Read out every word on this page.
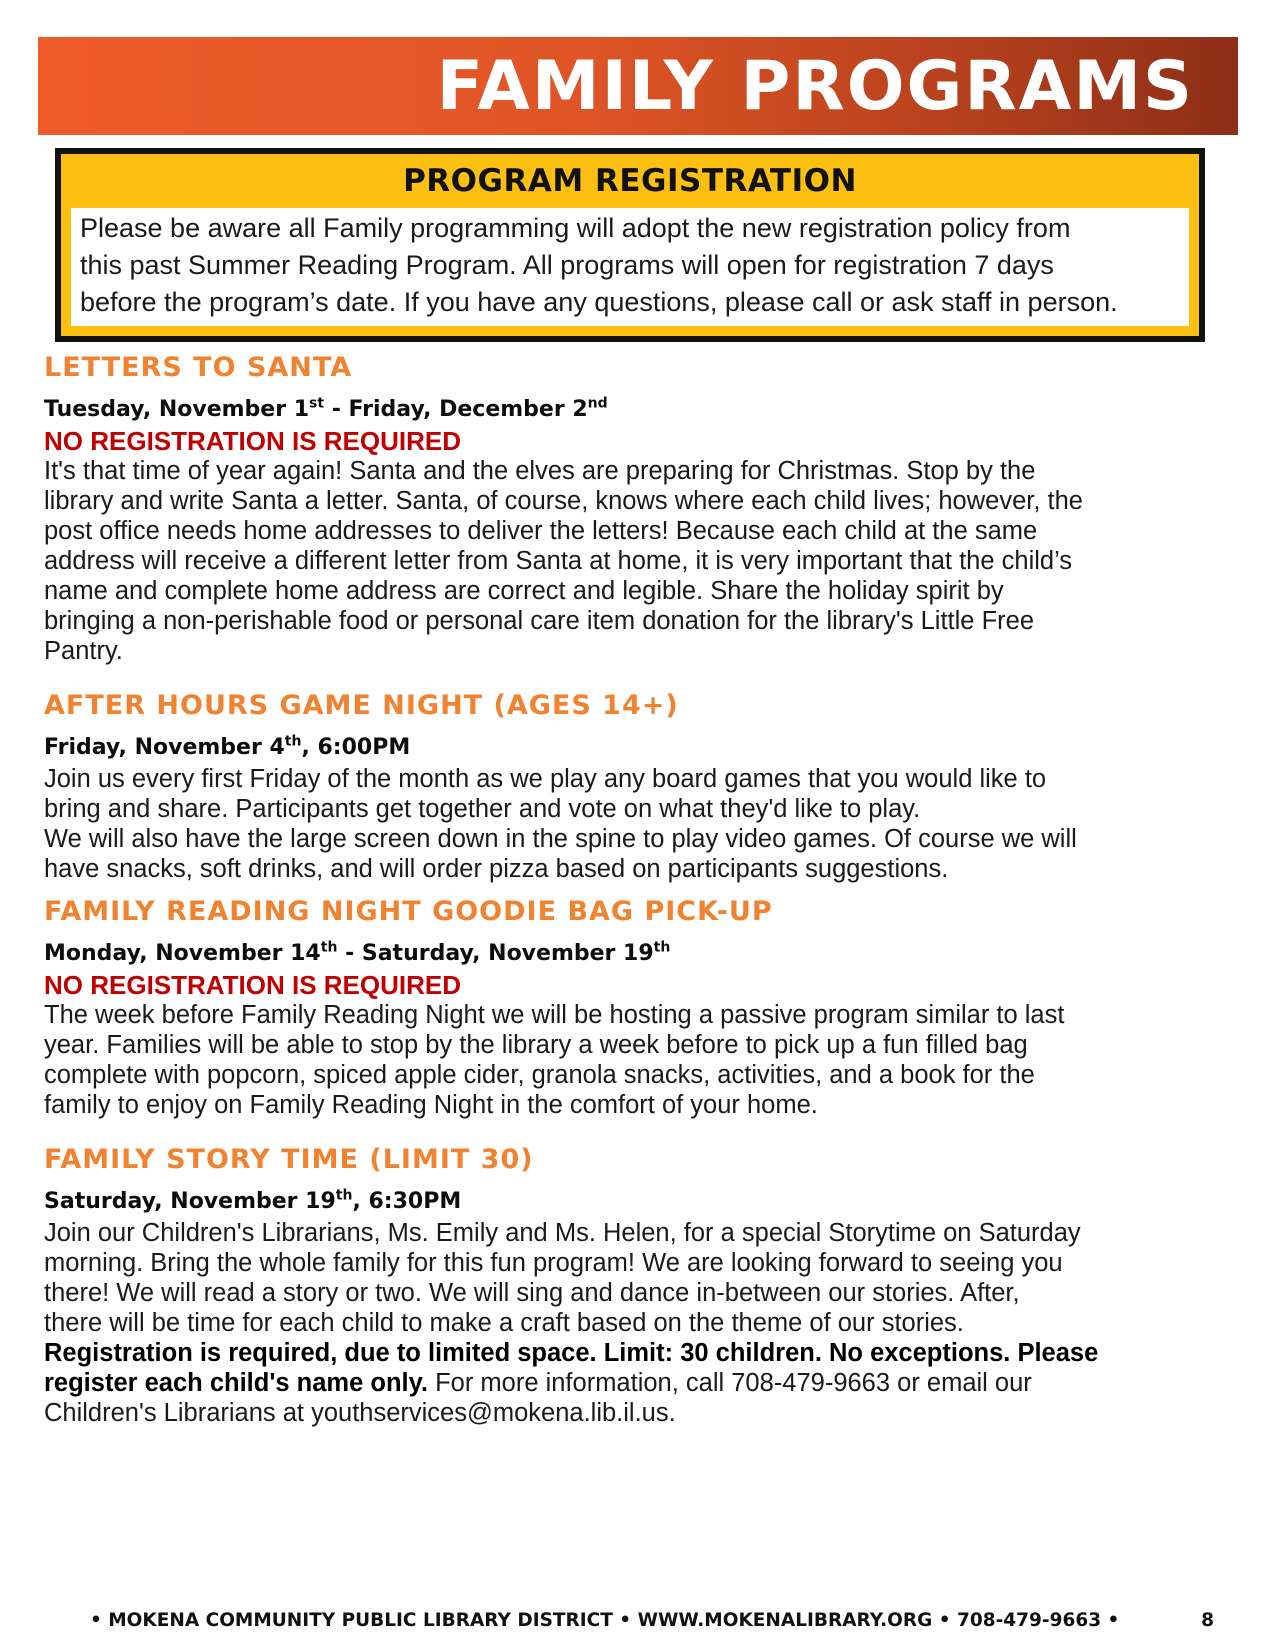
FAMILY PROGRAMS
PROGRAM REGISTRATION
Please be aware all Family programming will adopt the new registration policy from
this past Summer Reading Program. All programs will open for registration 7 days
before the program’s date. If you have any questions, please call or ask staff in person.
LETTERS TO SANTA
Tuesday, November 1st - Friday, December 2nd
NO REGISTRATION IS REQUIRED
It's that time of year again! Santa and the elves are preparing for Christmas. Stop by the
library and write Santa a letter. Santa, of course, knows where each child lives; however, the
post office needs home addresses to deliver the letters! Because each child at the same
address will receive a different letter from Santa at home, it is very important that the child’s
name and complete home address are correct and legible. Share the holiday spirit by
bringing a non-perishable food or personal care item donation for the library's Little Free
Pantry.
AFTER HOURS GAME NIGHT (AGES 14+)
Friday, November 4th, 6:00PM
Join us every first Friday of the month as we play any board games that you would like to
bring and share. Participants get together and vote on what they'd like to play.
We will also have the large screen down in the spine to play video games. Of course we will
have snacks, soft drinks, and will order pizza based on participants suggestions.
FAMILY READING NIGHT GOODIE BAG PICK-UP
Monday, November 14th - Saturday, November 19th
NO REGISTRATION IS REQUIRED
The week before Family Reading Night we will be hosting a passive program similar to last
year. Families will be able to stop by the library a week before to pick up a fun filled bag
complete with popcorn, spiced apple cider, granola snacks, activities, and a book for the
family to enjoy on Family Reading Night in the comfort of your home.
FAMILY STORY TIME (LIMIT 30)
Saturday, November 19th, 6:30PM
Join our Children's Librarians, Ms. Emily and Ms. Helen, for a special Storytime on Saturday
morning. Bring the whole family for this fun program! We are looking forward to seeing you
there! We will read a story or two. We will sing and dance in-between our stories. After,
there will be time for each child to make a craft based on the theme of our stories.
Registration is required, due to limited space. Limit: 30 children. No exceptions. Please
register each child's name only. For more information, call 708-479-9663 or email our
Children's Librarians at youthservices@mokena.lib.il.us.
• MOKENA COMMUNITY PUBLIC LIBRARY DISTRICT • WWW.MOKENALIBRARY.ORG • 708-479-9663 •	8
